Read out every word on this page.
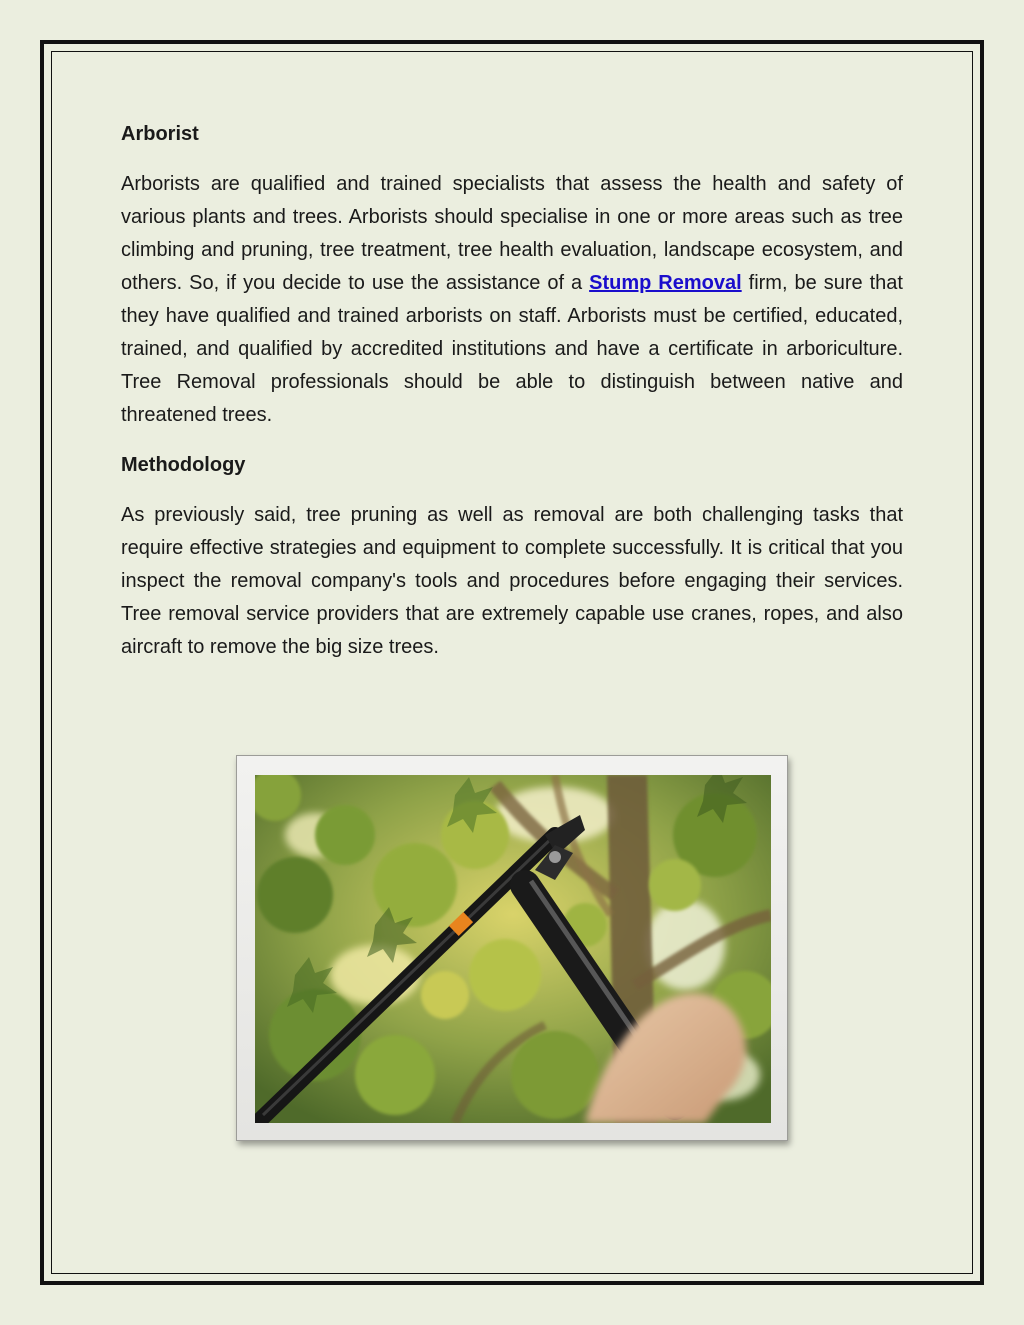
Arborist

Arborists are qualified and trained specialists that assess the health and safety of various plants and trees. Arborists should specialise in one or more areas such as tree climbing and pruning, tree treatment, tree health evaluation, landscape ecosystem, and others. So, if you decide to use the assistance of a Stump Removal firm, be sure that they have qualified and trained arborists on staff. Arborists must be certified, educated, trained, and qualified by accredited institutions and have a certificate in arboriculture. Tree Removal professionals should be able to distinguish between native and threatened trees.

Methodology

As previously said, tree pruning as well as removal are both challenging tasks that require effective strategies and equipment to complete successfully. It is critical that you inspect the removal company's tools and procedures before engaging their services. Tree removal service providers that are extremely capable use cranes, ropes, and also aircraft to remove the big size trees.
